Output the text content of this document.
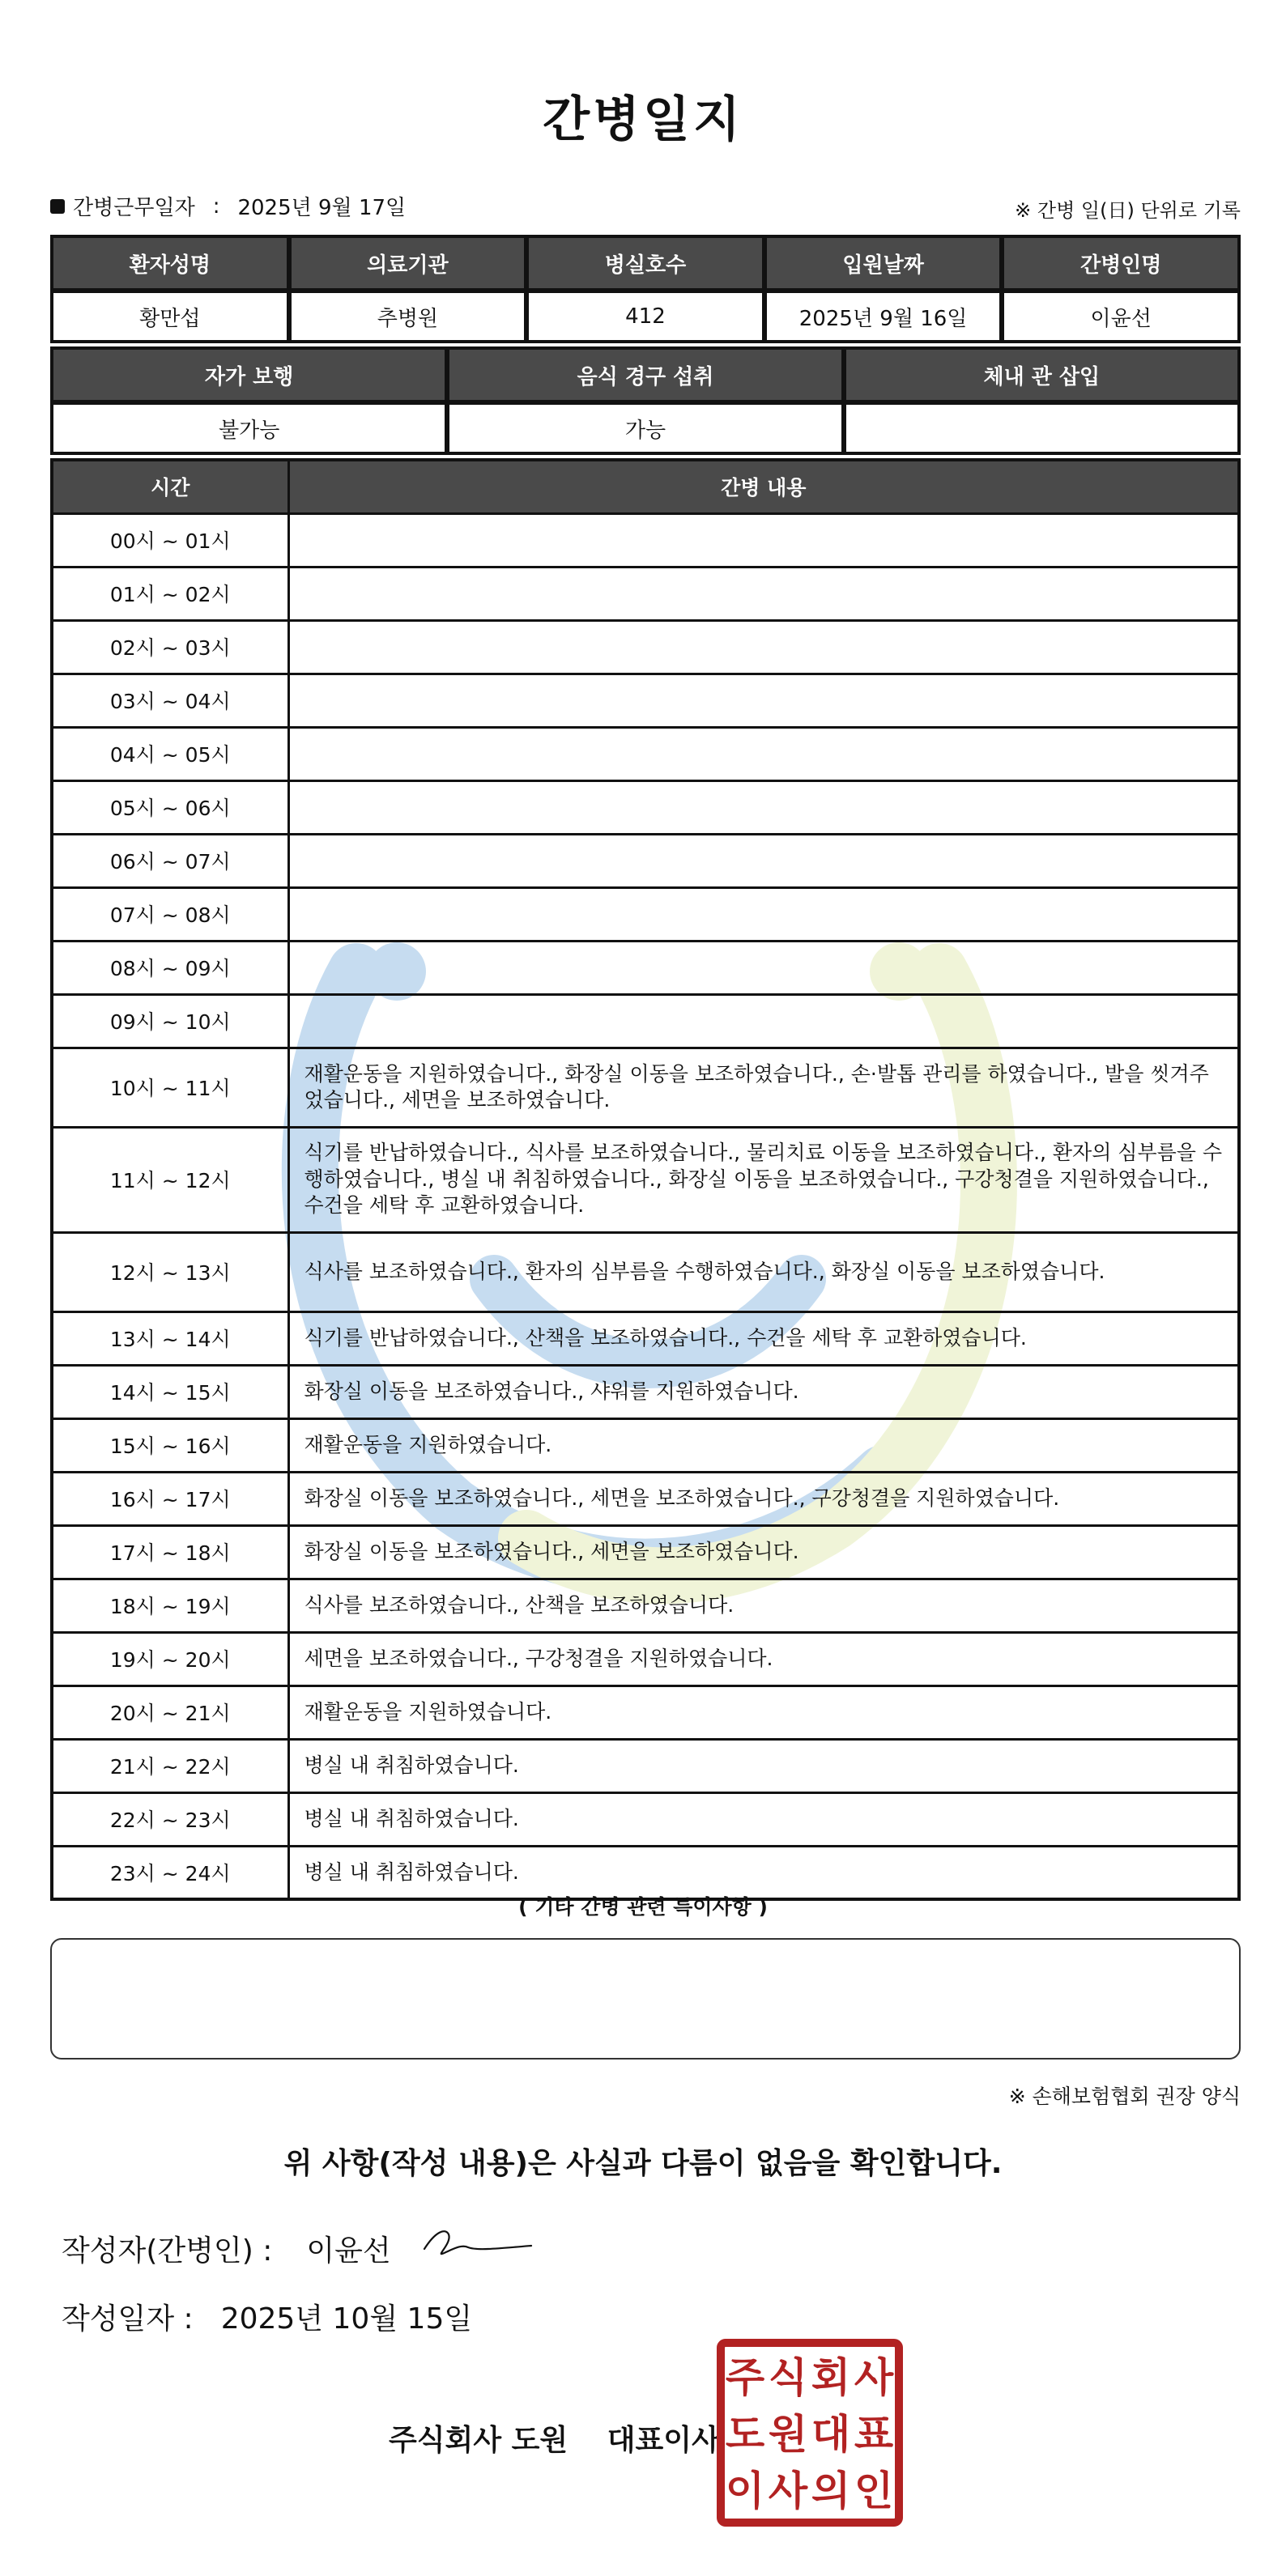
간병일지
간병근무일자 : 2025년 9월 17일	※ 간병 일(日) 단위로 기록
환자성명	의료기관	병실호수	입원날짜	간병인명
황만섭	추병원	412	2025년 9월 16일	이윤선
자가 보행	음식 경구 섭취	체내 관 삽입
불가능	가능
시간	간병 내용
00시 ~ 01시	
01시 ~ 02시	
02시 ~ 03시	
03시 ~ 04시	
04시 ~ 05시	
05시 ~ 06시	
06시 ~ 07시	
07시 ~ 08시	
08시 ~ 09시	
09시 ~ 10시	
10시 ~ 11시	재활운동을 지원하였습니다., 화장실 이동을 보조하였습니다., 손·발톱 관리를 하였습니다., 발을 씻겨주었습니다., 세면을 보조하였습니다.
11시 ~ 12시	식기를 반납하였습니다., 식사를 보조하였습니다., 물리치료 이동을 보조하였습니다., 환자의 심부름을 수행하였습니다., 병실 내 취침하였습니다., 화장실 이동을 보조하였습니다., 구강청결을 지원하였습니다., 수건을 세탁 후 교환하였습니다.
12시 ~ 13시	식사를 보조하였습니다., 환자의 심부름을 수행하였습니다., 화장실 이동을 보조하였습니다.
13시 ~ 14시	식기를 반납하였습니다., 산책을 보조하였습니다., 수건을 세탁 후 교환하였습니다.
14시 ~ 15시	화장실 이동을 보조하였습니다., 샤워를 지원하였습니다.
15시 ~ 16시	재활운동을 지원하였습니다.
16시 ~ 17시	화장실 이동을 보조하였습니다., 세면을 보조하였습니다., 구강청결을 지원하였습니다.
17시 ~ 18시	화장실 이동을 보조하였습니다., 세면을 보조하였습니다.
18시 ~ 19시	식사를 보조하였습니다., 산책을 보조하였습니다.
19시 ~ 20시	세면을 보조하였습니다., 구강청결을 지원하였습니다.
20시 ~ 21시	재활운동을 지원하였습니다.
21시 ~ 22시	병실 내 취침하였습니다.
22시 ~ 23시	병실 내 취침하였습니다.
23시 ~ 24시	병실 내 취침하였습니다.
( 기타 간병 관련 특이사항 )
※ 손해보험협회 권장 양식
위 사항(작성 내용)은 사실과 다름이 없음을 확인합니다.
작성자(간병인) : 이윤선
작성일자 : 2025년 10월 15일
주식회사 도원 대표이사
주 식 회 사
도 원 대 표
이 사 의 인
